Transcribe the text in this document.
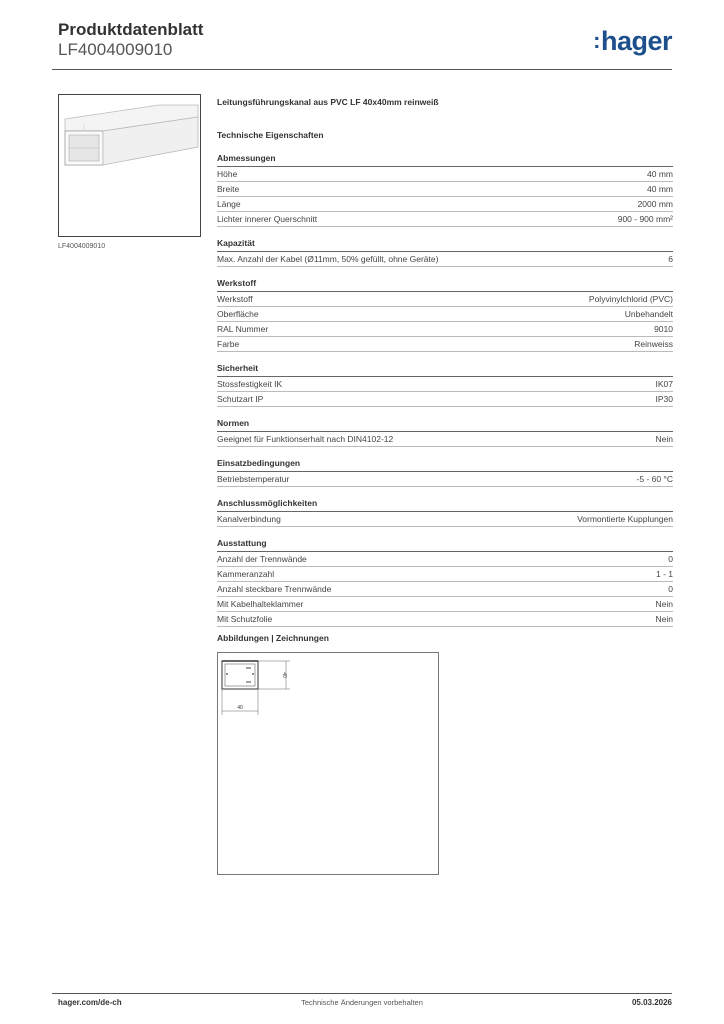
Produktdatenblatt
LF4004009010	:hager
LF4004009010
Leitungsführungskanal aus PVC LF 40x40mm reinweiß
Technische Eigenschaften
Abmessungen
Höhe	40 mm
Breite	40 mm
Länge	2000 mm
Lichter innerer Querschnitt	900 - 900 mm²
Kapazität
Max. Anzahl der Kabel (Ø11mm, 50% gefüllt, ohne Geräte)	6
Werkstoff
Werkstoff	Polyvinylchlorid (PVC)
Oberfläche	Unbehandelt
RAL Nummer	9010
Farbe	Reinweiss
Sicherheit
Stossfestigkeit IK	IK07
Schutzart IP	IP30
Normen
Geeignet für Funktionserhalt nach DIN4102-12	Nein
Einsatzbedingungen
Betriebstemperatur	-5 - 60 °C
Anschlussmöglichkeiten
Kanalverbindung	Vormontierte Kupplungen
Ausstattung
Anzahl der Trennwände	0
Kammeranzahl	1 - 1
Anzahl steckbare Trennwände	0
Mit Kabelhalteklammer	Nein
Mit Schutzfolie	Nein
Abbildungen | Zeichnungen
40
40
hager.com/de-ch	Technische Änderungen vorbehalten	05.03.2026
